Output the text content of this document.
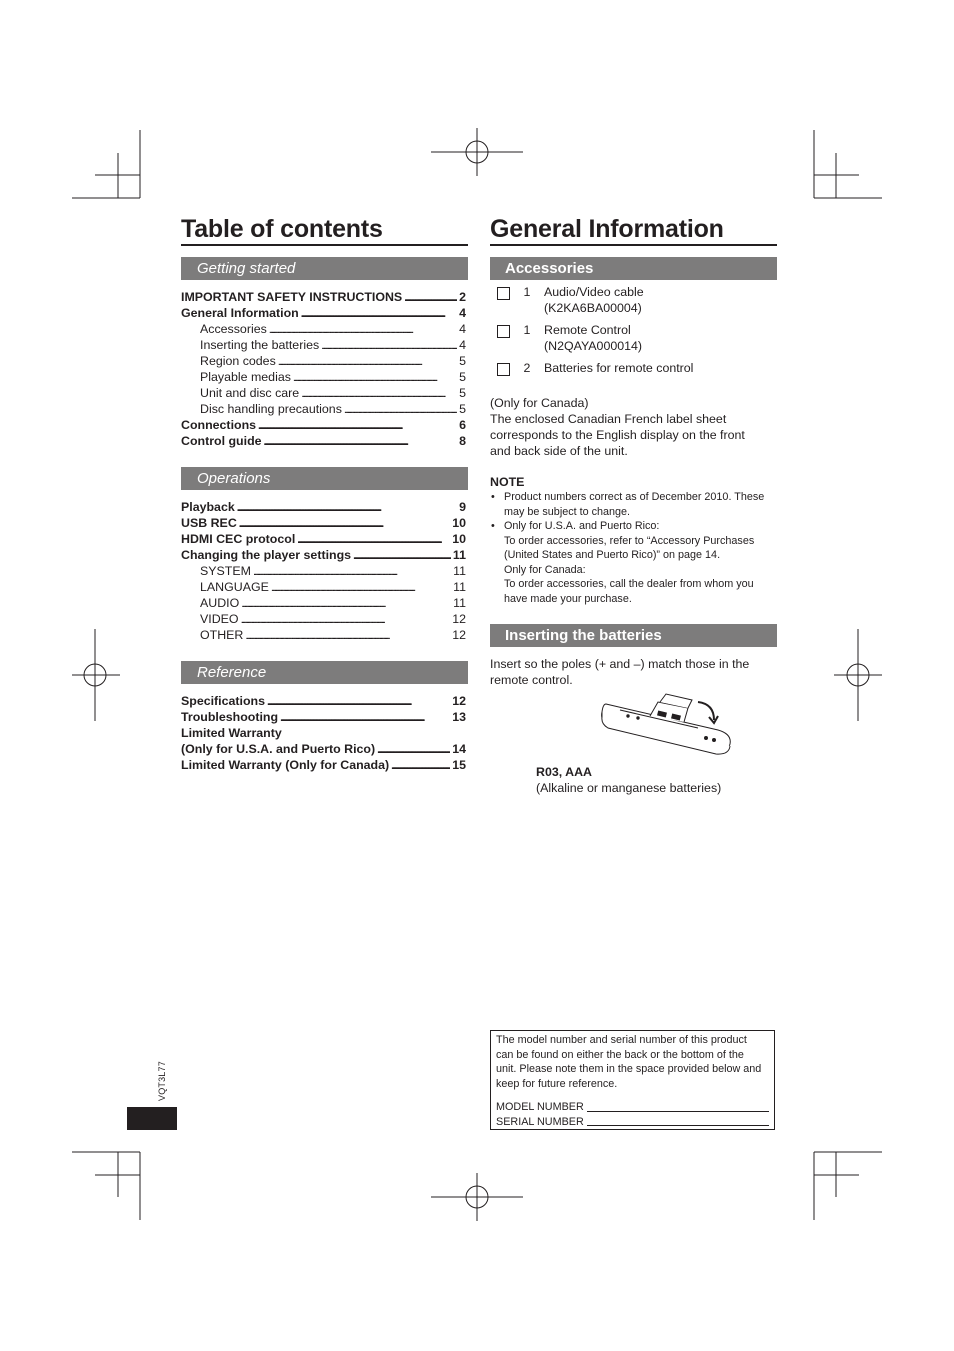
Table of contents
Getting started
IMPORTANT SAFETY INSTRUCTIONS . . .	2
General Information . . .	4
Accessories . . .	4
Inserting the batteries . . .	4
Region codes . . .	5
Playable medias . . .	5
Unit and disc care . . .	5
Disc handling precautions . . .	5
Connections . . .	6
Control guide . . .	8
Operations
Playback . . .	9
USB REC . . .	10
HDMI CEC protocol . . .	10
Changing the player settings . . .	11
SYSTEM . . .	11
LANGUAGE . . .	11
AUDIO . . .	11
VIDEO . . .	12
OTHER . . .	12
Reference
Specifications . . .	12
Troubleshooting . . .	13
Limited Warranty
(Only for U.S.A. and Puerto Rico) . . .	14
Limited Warranty (Only for Canada) . . .	15
General Information
Accessories
1	Audio/Video cable
(K2KA6BA00004)
1	Remote Control
(N2QAYA000014)
2	Batteries for remote control
(Only for Canada)
The enclosed Canadian French label sheet corresponds to the English display on the front and back side of the unit.
NOTE
• Product numbers correct as of December 2010. These may be subject to change.
• Only for U.S.A. and Puerto Rico:
To order accessories, refer to “Accessory Purchases (United States and Puerto Rico)” on page 14.
Only for Canada:
To order accessories, call the dealer from whom you have made your purchase.
Inserting the batteries
Insert so the poles (+ and –) match those in the remote control.
R03, AAA
(Alkaline or manganese batteries)
The model number and serial number of this product can be found on either the back or the bottom of the unit. Please note them in the space provided below and keep for future reference.
MODEL NUMBER
SERIAL NUMBER
VQT3L77
